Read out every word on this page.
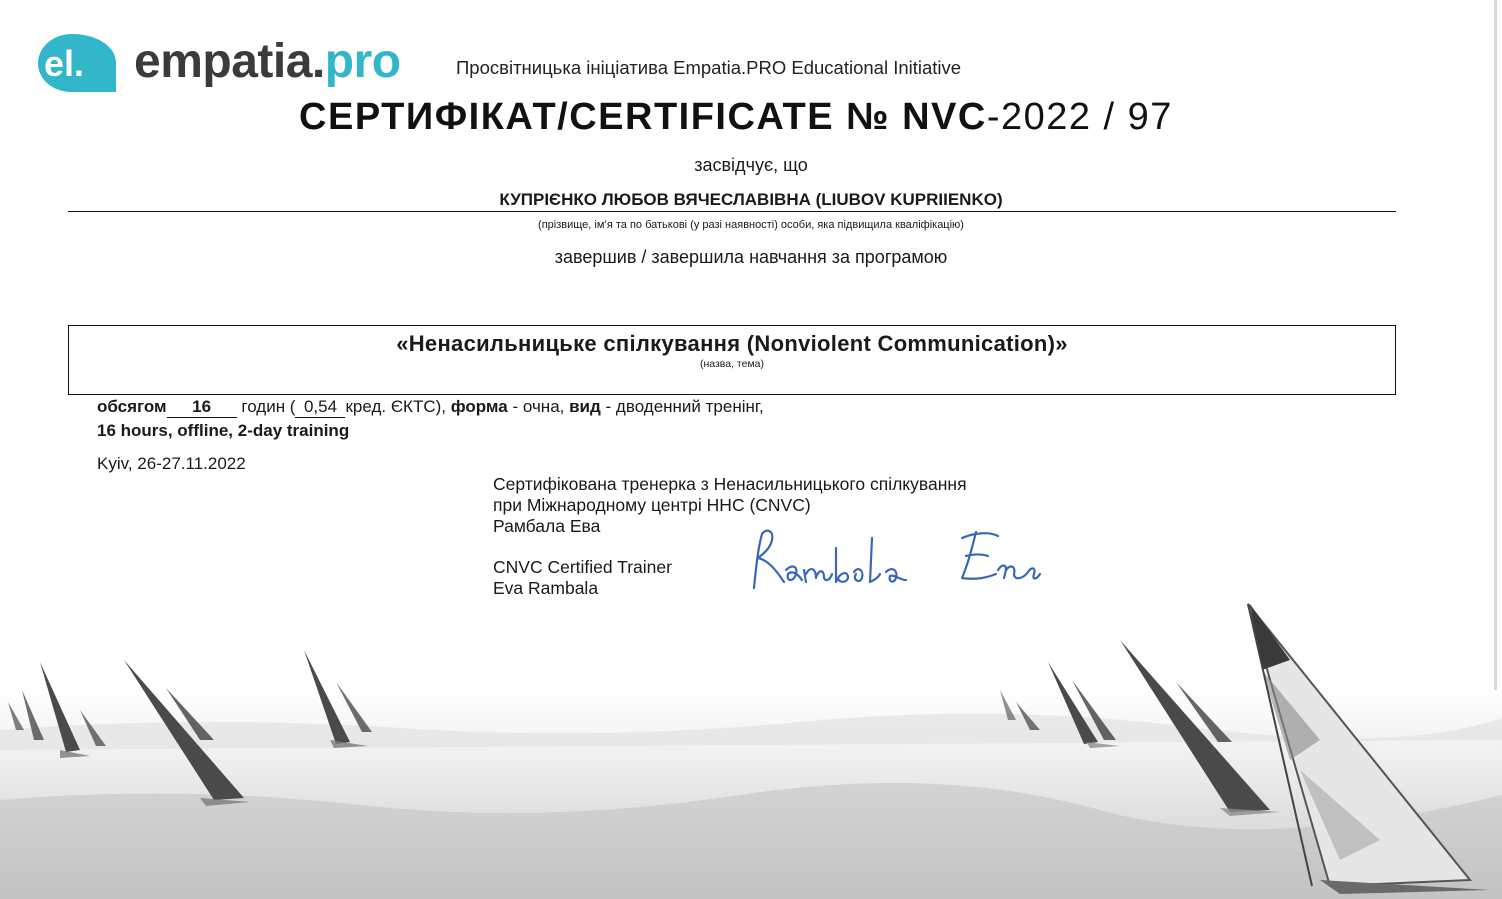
el. empatia.pro	Просвітницька ініціатива Empatia.PRO Educational Initiative
СЕРТИФІКАТ/CERTIFICATE № NVC-2022 / 97
засвідчує, що
КУПРІЄНКО ЛЮБОВ ВЯЧЕСЛАВІВНА (LIUBOV KUPRIIENKO)
(прізвище, ім’я та по батькові (у разі наявності) особи, яка підвищила кваліфікацію)
завершив / завершила навчання за програмою
«Ненасильницьке спілкування (Nonviolent Communication)»
(назва, тема)
обсягом 16 годин ( 0,54 кред. ЄКТС), форма - очна, вид - дводенний тренінг,
16 hours, offline, 2-day training
Kyiv, 26-27.11.2022
Сертифікована тренерка з Ненасильницького спілкування
при Міжнародному центрі ННС (CNVC)
Рамбала Ева
CNVC Certified Trainer
Eva Rambala
